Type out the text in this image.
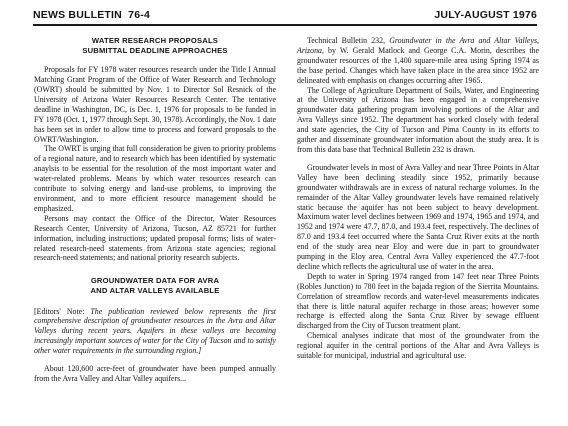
NEWS BULLETIN  76-4	JULY-AUGUST 1976
WATER RESEARCH PROPOSALS
SUBMITTAL DEADLINE APPROACHES

Proposals for FY 1978 water resources research under the Title I Annual Matching Grant Program of the Office of Water Research and Technology (OWRT) should be submitted by Nov. 1 to Director Sol Resnick of the University of Arizona Water Resources Research Center. The tentative deadline in Washington, DC, is Dec. 1, 1976 for proposals to be funded in FY 1978 (Oct. 1, 1977 through Sept. 30, 1978). Accordingly, the Nov. 1 date has been set in order to allow time to process and forward proposals to the OWRT/Washington.

The OWRT is urging that full consideration be given to priority problems of a regional nature, and to research which has been identified by systematic anaylsis to be essential for the resolution of the most important water and water-related problems. Means by which water resources research can contribute to solving energy and land-use problems, to improving the environment, and to more efficient resource management should be emphasized.

Persons may contact the Office of the Director, Water Resources Research Center, University of Arizona, Tucson, AZ 85721 for further information, including instructions; updated proposal forms; lists of water-related research-need statements from Arizona state agencies; regional research-need statements; and national priority research subjects.

GROUNDWATER DATA FOR AVRA
AND ALTAR VALLEYS AVAILABLE

[Editors' Note: The publication reviewed below represents the first comprehensive description of groundwater resources in the Avra and Altar Valleys during recent years. Aquifers in these valleys are becoming increasingly important sources of water for the City of Tucson and to satisfy other water requirements in the surrounding region.]

About 120,600 acre-feet of groundwater have been pumped annually from the Avra Valley and Altar Valley aquifers...

Technical Bulletin 232, Groundwater in the Avra and Altar Valleys, Arizona, by W. Gerald Matlock and George C.A. Morin, describes the groundwater resources of the 1,400 square-mile area using Spring 1974 as the base period. Changes which have taken place in the area since 1952 are delineated with emphasis on changes occurring after 1965.

The College of Agriculture Department of Soils, Water, and Engineering at the University of Arizona has been engaged in a comprehensive groundwater data gathering program involving portions of the Altar and Avra Valleys since 1952. The department has worked closely with federal and state agencies, the City of Tucson and Pima County in its efforts to gather and disseminate groundwater information about the study area. It is from this data base that Technical Bulletin 232 is drawn.

Groundwater levels in most of Avra Valley and near Three Points in Altar Valley have been declining steadily since 1952, primarily because groundwater withdrawals are in excess of natural recharge volumes. In the remainder of the Altar Valley groundwater levels have remained relatively static because the aquifer has not been subject to heavy development. Maximum water level declines between 1969 and 1974, 1965 and 1974, and 1952 and 1974 were 47.7, 87.0, and 193.4 feet, respectively. The declines of 87.0 and 193.4 feet occurred where the Santa Cruz River exits at the north end of the study area near Eloy and were due in part to groundwater pumping in the Eloy area. Central Avra Valley experienced the 47.7-foot decline which reflects the agricultural use of water in the area.

Depth to water in Spring 1974 ranged from 147 feet near Three Points (Robles Junction) to 780 feet in the bajada region of the Sierrita Mountains. Correlation of streamflow records and water-level measurements indicates that there is little natural aquifer recharge in those areas; however some recharge is effected along the Santa Cruz River by sewage effluent discharged from the City of Tucson treatment plant.

Chemical analyses indicate that most of the groundwater from the regional aquifer in the central portions of the Altar and Avra Valleys is suitable for municipal, industrial and agricultural use.
